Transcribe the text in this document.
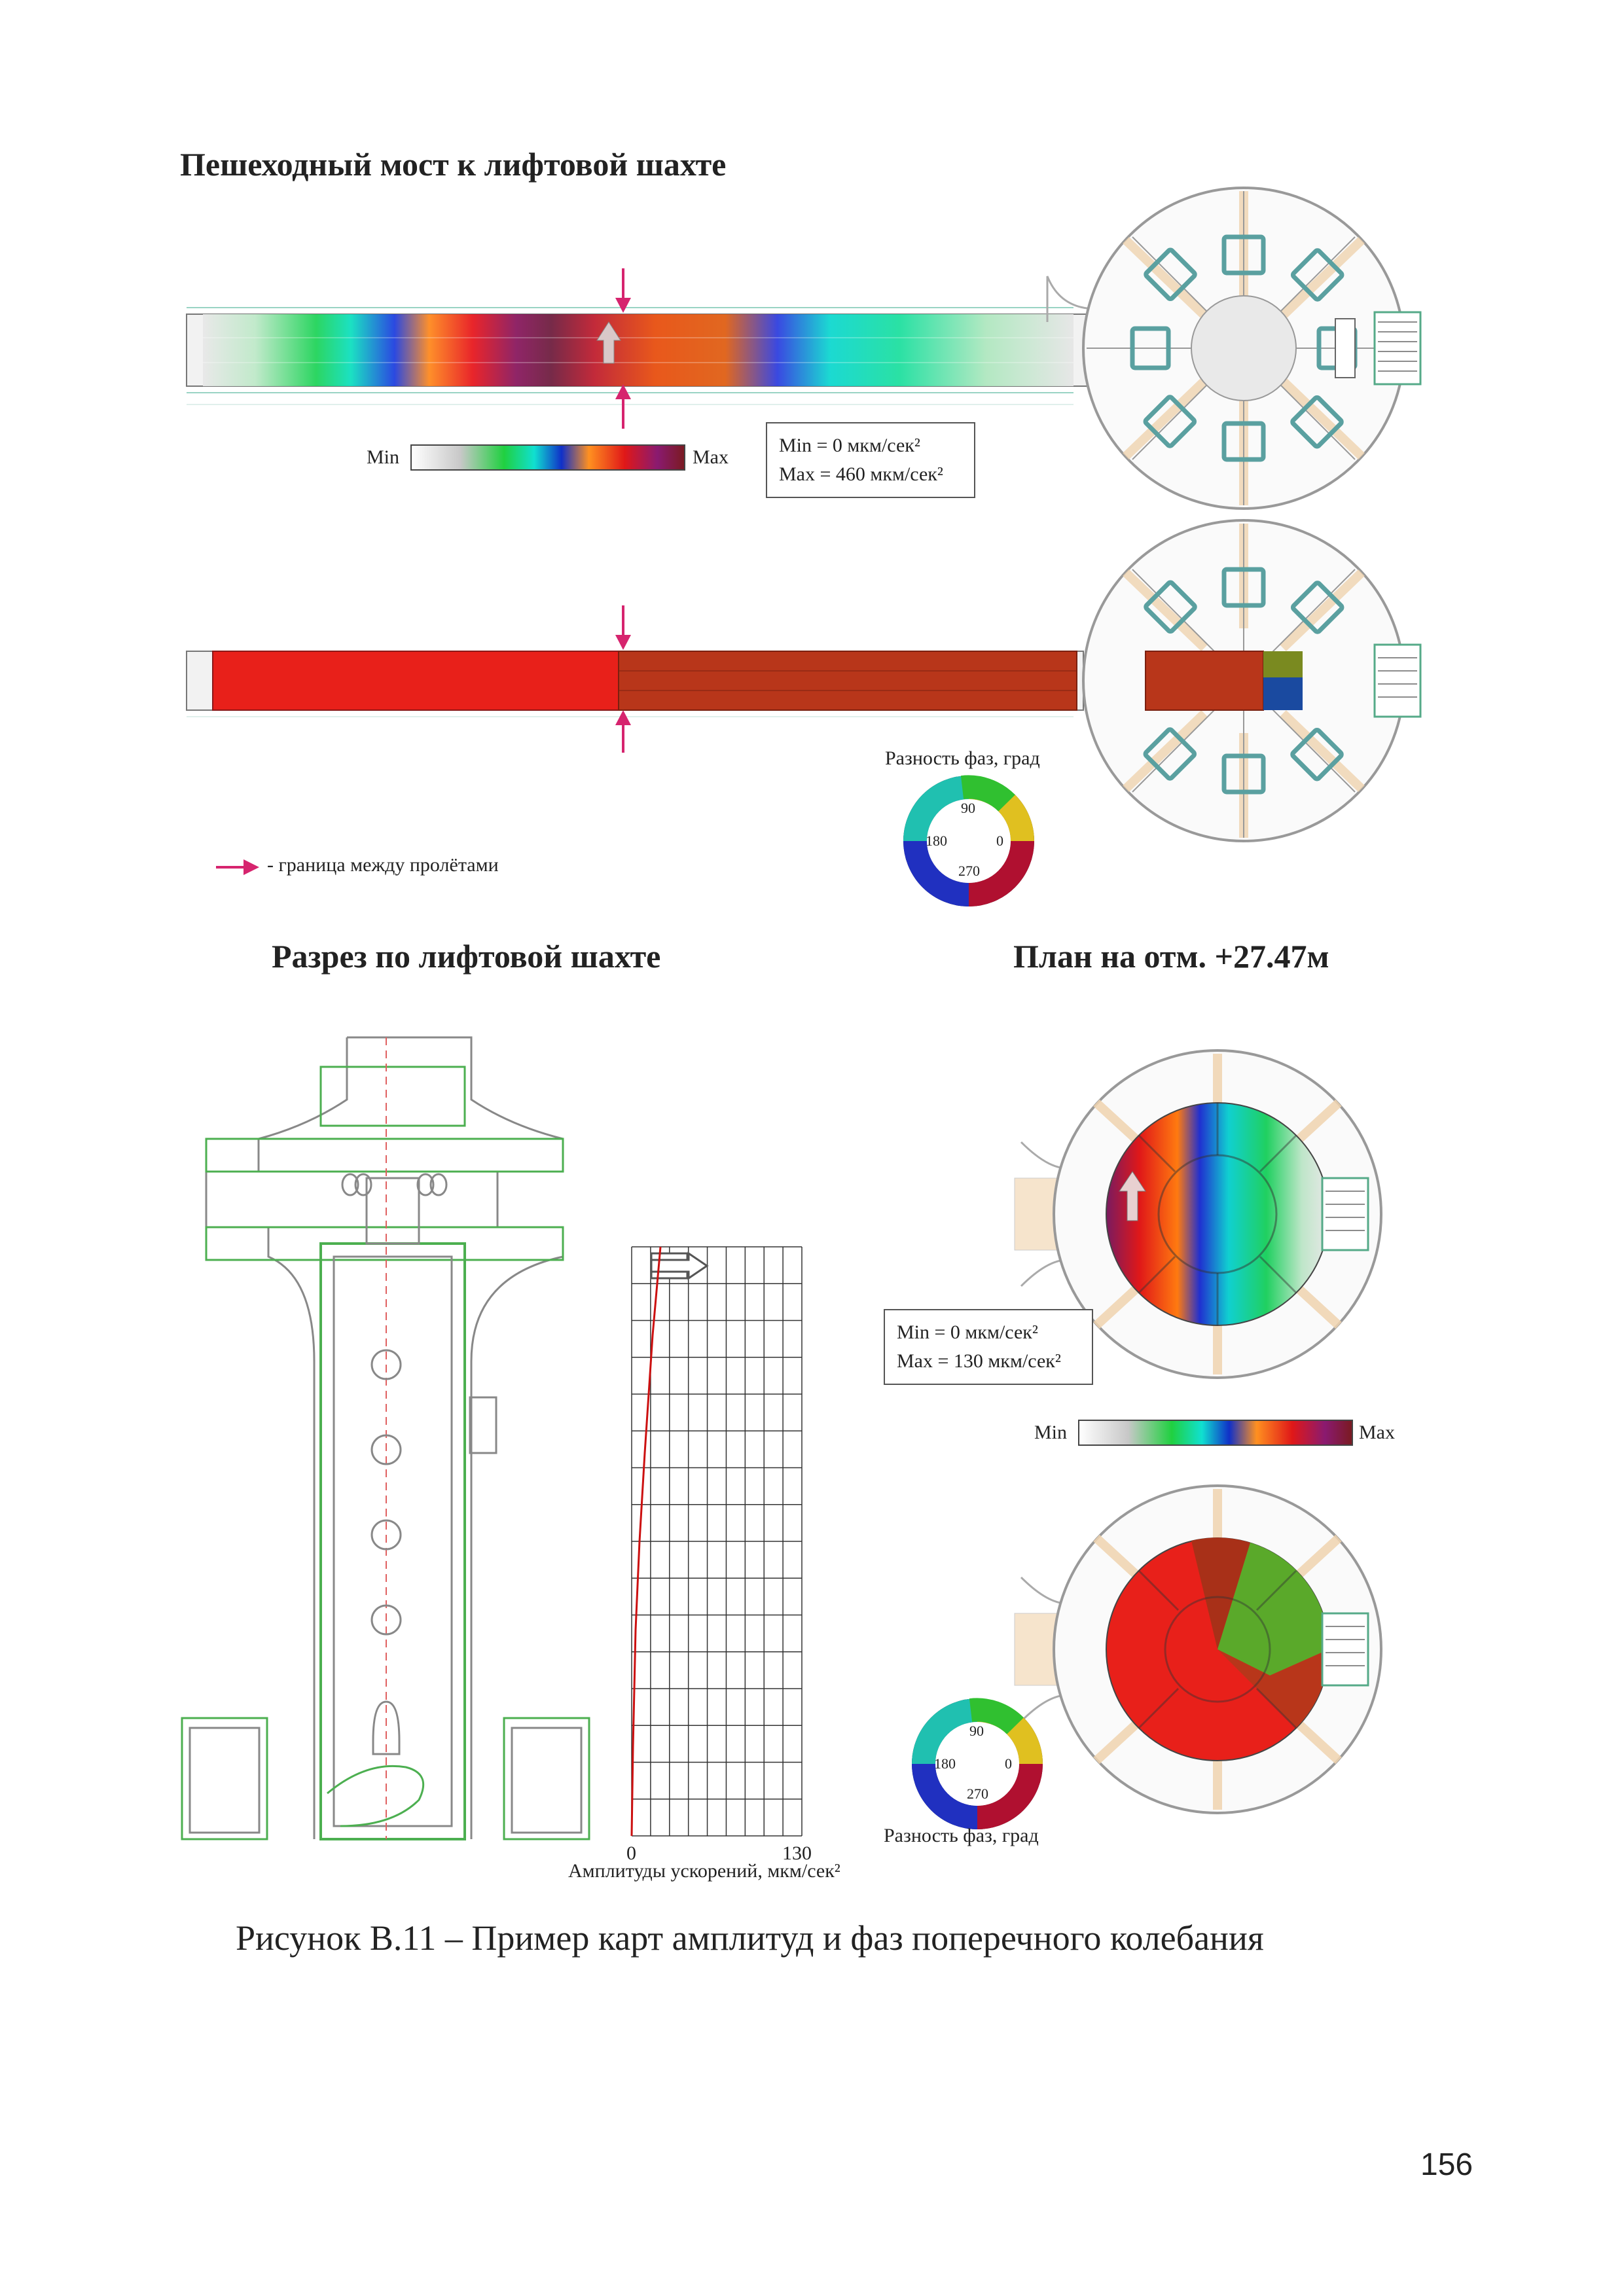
Пешеходный мост к лифтовой шахте
Разрез по лифтовой шахте	План на отм. +27.47м
Min	Max
Min = 0 мкм/сек²
Max = 460 мкм/сек²
Разность фаз, град
90
180	0
270
- граница между пролётами
0	130
Амплитуды ускорений, мкм/сек²
Min = 0 мкм/сек²
Max = 130 мкм/сек²
Min	Max
90
180	0
270
Разность фаз, град
Рисунок В.11 – Пример карт амплитуд и фаз поперечного колебания
156
